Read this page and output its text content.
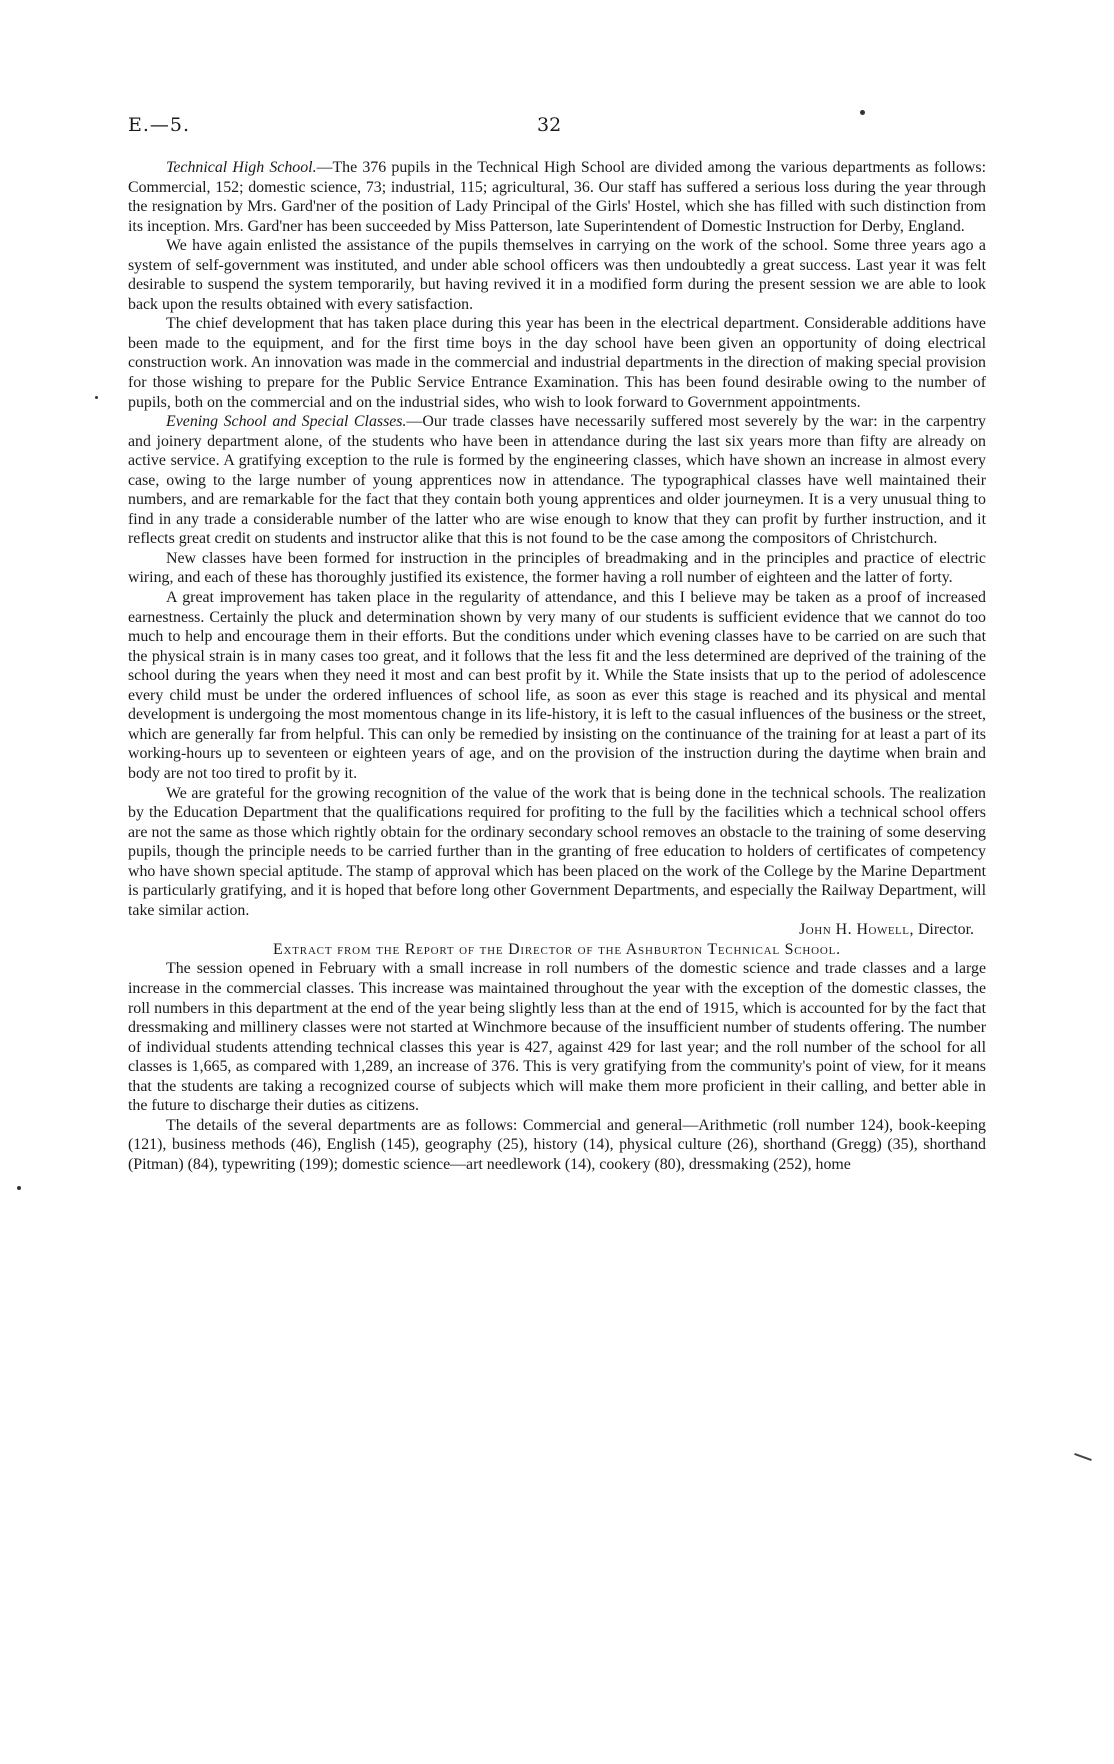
E.—5.	32

Technical High School.—The 376 pupils in the Technical High School are divided among the various departments as follows: Commercial, 152; domestic science, 73; industrial, 115; agricultural, 36. Our staff has suffered a serious loss during the year through the resignation by Mrs. Gard'ner of the position of Lady Principal of the Girls' Hostel, which she has filled with such distinction from its inception. Mrs. Gard'ner has been succeeded by Miss Patterson, late Superintendent of Domestic Instruction for Derby, England.

We have again enlisted the assistance of the pupils themselves in carrying on the work of the school. Some three years ago a system of self-government was instituted, and under able school officers was then undoubtedly a great success. Last year it was felt desirable to suspend the system temporarily, but having revived it in a modified form during the present session we are able to look back upon the results obtained with every satisfaction.

The chief development that has taken place during this year has been in the electrical department. Considerable additions have been made to the equipment, and for the first time boys in the day school have been given an opportunity of doing electrical construction work. An innovation was made in the commercial and industrial departments in the direction of making special provision for those wishing to prepare for the Public Service Entrance Examination. This has been found desirable owing to the number of pupils, both on the commercial and on the industrial sides, who wish to look forward to Government appointments.

Evening School and Special Classes.—Our trade classes have necessarily suffered most severely by the war: in the carpentry and joinery department alone, of the students who have been in attendance during the last six years more than fifty are already on active service. A gratifying exception to the rule is formed by the engineering classes, which have shown an increase in almost every case, owing to the large number of young apprentices now in attendance. The typographical classes have well maintained their numbers, and are remarkable for the fact that they contain both young apprentices and older journeymen. It is a very unusual thing to find in any trade a considerable number of the latter who are wise enough to know that they can profit by further instruction, and it reflects great credit on students and instructor alike that this is not found to be the case among the compositors of Christchurch.

New classes have been formed for instruction in the principles of breadmaking and in the principles and practice of electric wiring, and each of these has thoroughly justified its existence, the former having a roll number of eighteen and the latter of forty.

A great improvement has taken place in the regularity of attendance, and this I believe may be taken as a proof of increased earnestness. Certainly the pluck and determination shown by very many of our students is sufficient evidence that we cannot do too much to help and encourage them in their efforts. But the conditions under which evening classes have to be carried on are such that the physical strain is in many cases too great, and it follows that the less fit and the less determined are deprived of the training of the school during the years when they need it most and can best profit by it. While the State insists that up to the period of adolescence every child must be under the ordered influences of school life, as soon as ever this stage is reached and its physical and mental development is undergoing the most momentous change in its life-history, it is left to the casual influences of the business or the street, which are generally far from helpful. This can only be remedied by insisting on the continuance of the training for at least a part of its working-hours up to seventeen or eighteen years of age, and on the provision of the instruction during the daytime when brain and body are not too tired to profit by it.

We are grateful for the growing recognition of the value of the work that is being done in the technical schools. The realization by the Education Department that the qualifications required for profiting to the full by the facilities which a technical school offers are not the same as those which rightly obtain for the ordinary secondary school removes an obstacle to the training of some deserving pupils, though the principle needs to be carried further than in the granting of free education to holders of certificates of competency who have shown special aptitude. The stamp of approval which has been placed on the work of the College by the Marine Department is particularly gratifying, and it is hoped that before long other Government Departments, and especially the Railway Department, will take similar action.

John H. Howell, Director.

Extract from the Report of the Director of the Ashburton Technical School.

The session opened in February with a small increase in roll numbers of the domestic science and trade classes and a large increase in the commercial classes. This increase was maintained throughout the year with the exception of the domestic classes, the roll numbers in this department at the end of the year being slightly less than at the end of 1915, which is accounted for by the fact that dressmaking and millinery classes were not started at Winchmore because of the insufficient number of students offering. The number of individual students attending technical classes this year is 427, against 429 for last year; and the roll number of the school for all classes is 1,665, as compared with 1,289, an increase of 376. This is very gratifying from the community's point of view, for it means that the students are taking a recognized course of subjects which will make them more proficient in their calling, and better able in the future to discharge their duties as citizens.

The details of the several departments are as follows: Commercial and general—Arithmetic (roll number 124), book-keeping (121), business methods (46), English (145), geography (25), history (14), physical culture (26), shorthand (Gregg) (35), shorthand (Pitman) (84), typewriting (199); domestic science—art needlework (14), cookery (80), dressmaking (252), home
